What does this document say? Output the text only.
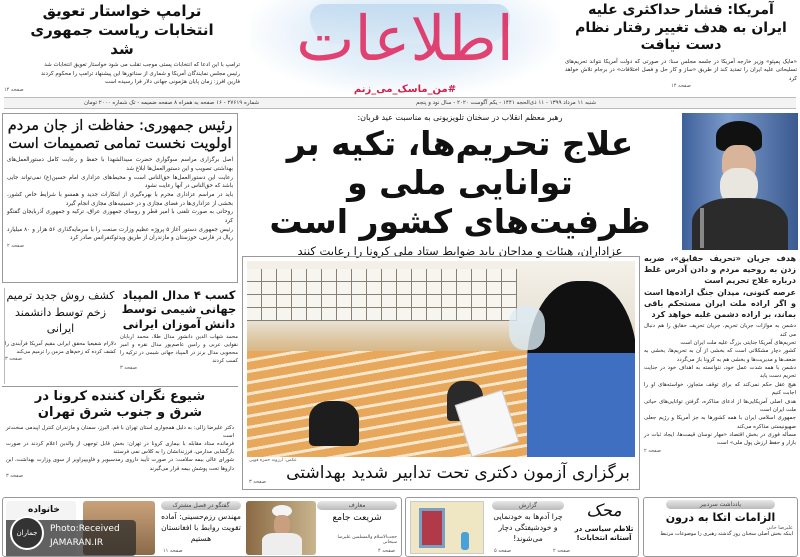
ترامپ خواستار تعویق انتخابات ریاست جمهوری شد

ترامپ با این ادعا که انتخابات پستی موجب تقلب می شود خواستار تعویق انتخابات شد

رئیس مجلس نمایندگان آمریکا و شماری از سناتورها این پیشنهاد ترامپ را محکوم کردند

فارین افرز: زمان پایان هژمونی جهانی دلار فرا رسیده است

صفحه ۱۴
اطلاعات
#من_ماسک_می_زنم
آمریکا: فشار حداکثری علیه ایران به هدف تغییر رفتار نظام دست نیافت

«مایک پمپئو» وزیر خارجه آمریکا در جلسه مجلس سنا: در صورتی که دولت آمریکا نتواند تحریم‌های تسلیحاتی علیه ایران را تمدید کند از طریق «ساز و کار حل و فصل اختلافات» در برجام تلاش خواهد کرد

صفحه ۱۴
شنبه ۱۱ مرداد ۱۳۹۹ - ۱۱ ذی‌الحجه ۱۴۴۱ - یکم آگوست ۲۰۲۰ - سال نود و پنجم
شماره ۲۷۶۱۹ - ۱۶ صفحه به همراه ۸ صفحه ضمیمه - تک شماره ۲۰۰۰ تومان
رئیس جمهوری: حفاظت از جان مردم اولویت نخست تمامی تصمیمات است

اصل برگزاری مراسم سوگواری حضرت سیدالشهدا با حفظ و رعایت کامل دستورالعمل‌های بهداشتی تصویب و این دستورالعمل‌ها ابلاغ شد

رعایت این دستورالعمل‌ها حق‌الناس است و محیط‌های عزاداری امام حسین(ع) نمی‌تواند جایی باشد که حق‌الناس در آنها رعایت نشود

باید در مراسم عزاداری محرم با بهره‌گیری از ابتکارات جدید و همسو با شرایط خاص کشور، بخشی از عزاداری‌ها در فضای مجازی و در حسینیه‌های مجازی انجام گیرد

روحانی به صورت تلفنی با امیر قطر و روسای جمهوری عراق، ترکیه و جمهوری آذربایجان گفتگو کرد

رئیس جمهوری دستور آغاز ۵ پروژه عظیم وزارت صنعت را با سرمایه‌گذاری ۵۶ هزار و ۸۰ میلیارد ریال در فارس، خوزستان و مازندران از طریق ویدئوکنفرانس صادر کرد

صفحه ۲
کسب ۴ مدال المپیاد جهانی شیمی توسط دانش آموزان ایرانی
محمد شهاب الدین دانشور مدال طلا، محمد اربابان نقوایی عربی و رامین عاصم‌پور مدال نقره و امیر محجوبی مدال برنز در المپیاد جهانی شیمی در ترکیه را کسب کردند
صفحه ۳
کشف روش جدید ترمیم زخم توسط دانشمند ایرانی
دلارام شفیعیا محقق ایرانی مقیم آمریکا فرآیندی را کشف کرده که زخم‌های مزمن را ترمیم می‌کند
صفحه ۳
شیوع نگران کننده کرونا در شرق و جنوب شرق تهران

دکتر علیرضا زالی: به دلیل همجواری استان تهران با قم، البرز، سمنان و مازندران کنترل اپیدمی سخت‌تر است

فرمانده ستاد مقابله با بیماری کرونا در تهران: بخش قابل توجهی از والدین اعلام کردند در صورت بازگشایی مدارس، فرزندانشان را به کلاس نمی فرستند

شورای عالی بیمه سلامت: در صورت تأیید داروی رمدسیویر و فاویپیراویر از سوی وزارت بهداشت، این داروها تحت پوشش بیمه قرار می‌گیرند

صفحه ۳
رهبر معظم انقلاب در سخنان تلویزیونی به مناسبت عید قربان:
علاج تحریم‌ها، تکیه بر توانایی ملی و ظرفیت‌های کشور است
عزاداران، هیئات و مداحان باید ضوابط ستاد ملی کرونا را رعایت کنند

هدف جریان «تحریف حقایق»، ضربه زدن به روحیه مردم و دادن آدرس غلط درباره علاج تحریم است

عرصه کنونی، میدان جنگ اراده‌ها است و اگر اراده ملت ایران مستحکم باقی بماند، بر اراده دشمن غلبه خواهد کرد

دشمن به موازات جریان تحریم، جریان تحریف حقایق را هم دنبال می کند

تحریم‌های آمریکا جنایتی بزرگ علیه ملت ایران است

کشور دچار مشکلاتی است که بخشی از آن به تحریم‌ها، بخشی به ضعف‌ها و مدیریت‌ها و بخشی هم به کرونا باز می‌گردد

دشمن با همه شدت عمل خود، نتوانسته به اهداف خود در جنایت تحریم دست یابد

هیچ عقل حکم نمی‌کند که برای توقف متجاوز، خواسته‌های او را اجابت کنیم

هدف اصلی آمریکایی‌ها از ادعای مذاکره، گرفتن توانایی‌های حیاتی ملت ایران است

جمهوری اسلامی ایران با همه کشورها به جز آمریکا و رژیم جعلی صهیونیستی مذاکره می‌کند

مسأله فوری در بخش اقتصاد «مهار نوسان قیمت‌ها، ایجاد ثبات در بازار و حفظ ارزش پول ملی» است

صفحه ۲
عکس: ارزوند حمزه قویی
برگزاری آزمون دکتری تحت تدابیر شدید بهداشتی
صفحه ۳
یادداشت سردبیر
الزامات اتکا به درون
علیرضا خانی
اینکه بخش اصلی سخنان روز گذشته رهبری را موضوعات مرتبط
محک
تلاطم سیاسی در آستانه انتخابات!
صفحه ۲
گزارش
چرا آدم‌ها به خودنمایی و خودشیفتگی دچار می‌شوند!
صفحه ۵
معارف
شریعت جامع
حجت‌الاسلام والمسلمین علیرضا سبحانی
صفحه ۴
گفتگو در فصل مشترک
مهندس رزم‌حسینی: آماده تقویت روابط با افغانستان هستیم
صفحه ۱۱
خانواده
جماران	Photo:Received
JAMARAN.IR
